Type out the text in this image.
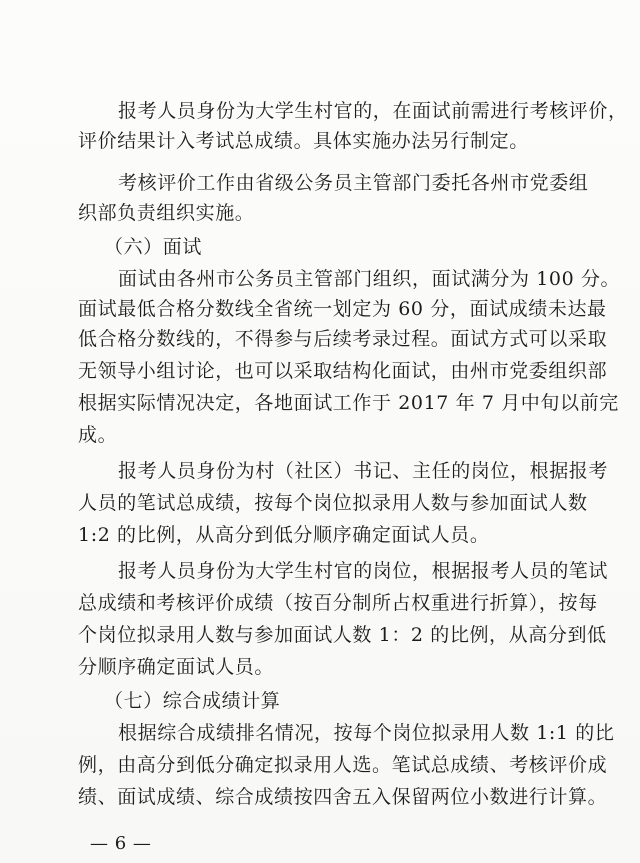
报考人员身份为大学生村官的，在面试前需进行考核评价，
评价结果计入考试总成绩。具体实施办法另行制定。
考核评价工作由省级公务员主管部门委托各州市党委组
织部负责组织实施。
（六）面试
面试由各州市公务员主管部门组织，面试满分为 100 分。
面试最低合格分数线全省统一划定为 60 分，面试成绩未达最
低合格分数线的，不得参与后续考录过程。面试方式可以采取
无领导小组讨论，也可以采取结构化面试，由州市党委组织部
根据实际情况决定，各地面试工作于 2017 年 7 月中旬以前完
成。
报考人员身份为村（社区）书记、主任的岗位，根据报考
人员的笔试总成绩，按每个岗位拟录用人数与参加面试人数
1:2 的比例，从高分到低分顺序确定面试人员。
报考人员身份为大学生村官的岗位，根据报考人员的笔试
总成绩和考核评价成绩（按百分制所占权重进行折算），按每
个岗位拟录用人数与参加面试人数 1：2 的比例，从高分到低
分顺序确定面试人员。
（七）综合成绩计算
根据综合成绩排名情况，按每个岗位拟录用人数 1:1 的比
例，由高分到低分确定拟录用人选。笔试总成绩、考核评价成
绩、面试成绩、综合成绩按四舍五入保留两位小数进行计算。
— 6 —
